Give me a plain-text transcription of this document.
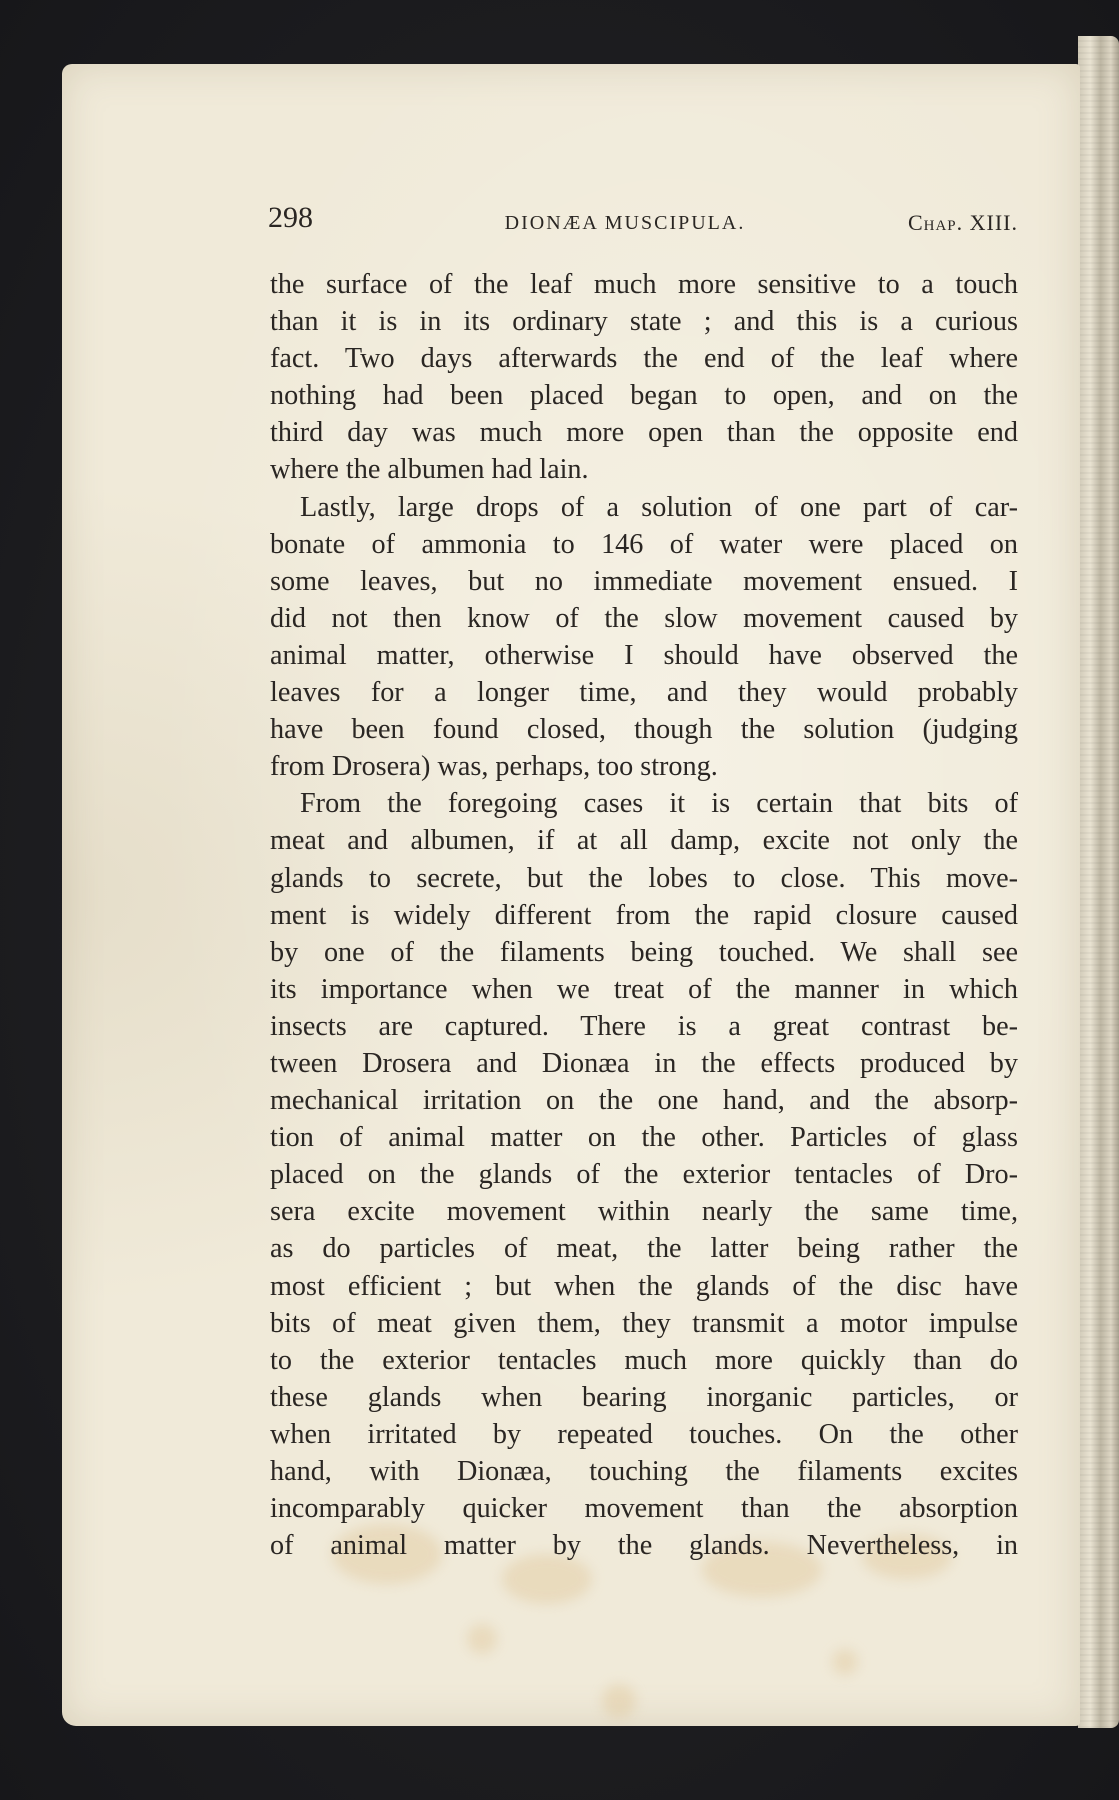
298	DIONÆA MUSCIPULA.	Chap. XIII.
the surface of the leaf much more sensitive to a touch
than it is in its ordinary state ; and this is a curious
fact. Two days afterwards the end of the leaf where
nothing had been placed began to open, and on the
third day was much more open than the opposite end
where the albumen had lain.
Lastly, large drops of a solution of one part of car-
bonate of ammonia to 146 of water were placed on
some leaves, but no immediate movement ensued. I
did not then know of the slow movement caused by
animal matter, otherwise I should have observed the
leaves for a longer time, and they would probably
have been found closed, though the solution (judging
from Drosera) was, perhaps, too strong.
From the foregoing cases it is certain that bits of
meat and albumen, if at all damp, excite not only the
glands to secrete, but the lobes to close. This move-
ment is widely different from the rapid closure caused
by one of the filaments being touched. We shall see
its importance when we treat of the manner in which
insects are captured. There is a great contrast be-
tween Drosera and Dionæa in the effects produced by
mechanical irritation on the one hand, and the absorp-
tion of animal matter on the other. Particles of glass
placed on the glands of the exterior tentacles of Dro-
sera excite movement within nearly the same time,
as do particles of meat, the latter being rather the
most efficient ; but when the glands of the disc have
bits of meat given them, they transmit a motor impulse
to the exterior tentacles much more quickly than do
these glands when bearing inorganic particles, or
when irritated by repeated touches. On the other
hand, with Dionæa, touching the filaments excites
incomparably quicker movement than the absorption
of animal matter by the glands. Nevertheless, in
